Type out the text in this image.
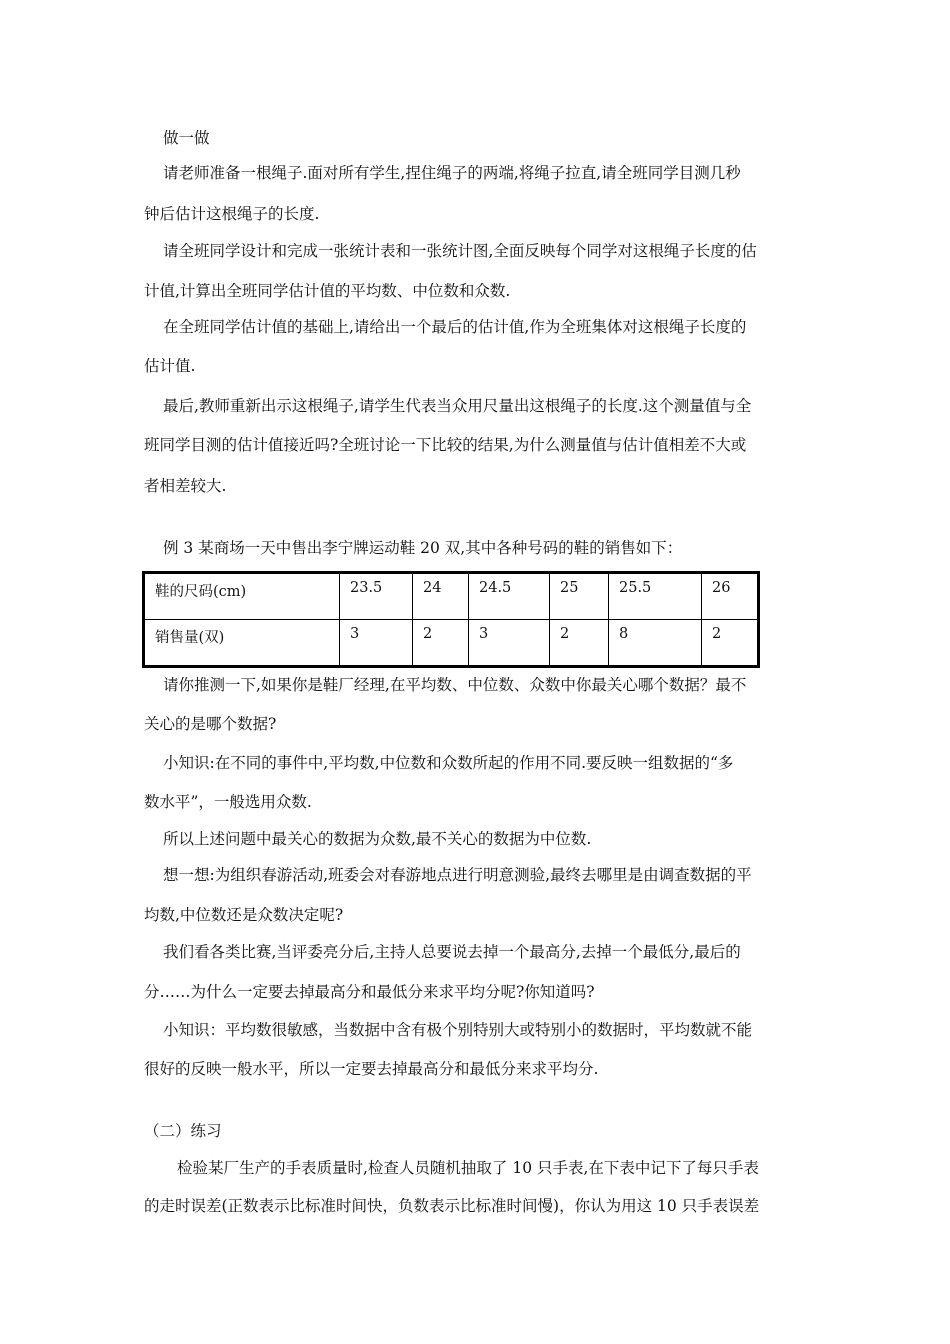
做一做
请老师准备一根绳子.面对所有学生,捏住绳子的两端,将绳子拉直,请全班同学目测几秒
钟后估计这根绳子的长度.
请全班同学设计和完成一张统计表和一张统计图,全面反映每个同学对这根绳子长度的估
计值,计算出全班同学估计值的平均数、中位数和众数.
在全班同学估计值的基础上,请给出一个最后的估计值,作为全班集体对这根绳子长度的
估计值.
最后,教师重新出示这根绳子,请学生代表当众用尺量出这根绳子的长度.这个测量值与全
班同学目测的估计值接近吗?全班讨论一下比较的结果,为什么测量值与估计值相差不大或
者相差较大.
例 3 某商场一天中售出李宁牌运动鞋 20 双,其中各种号码的鞋的销售如下：
鞋的尺码(cm)	23.5	24	24.5	25	25.5	26
销售量(双)	3	2	3	2	8	2
请你推测一下,如果你是鞋厂经理,在平均数、中位数、众数中你最关心哪个数据？最不
关心的是哪个数据?
小知识:在不同的事件中,平均数,中位数和众数所起的作用不同.要反映一组数据的“多
数水平”，一般选用众数.
所以上述问题中最关心的数据为众数,最不关心的数据为中位数.
想一想:为组织春游活动,班委会对春游地点进行明意测验,最终去哪里是由调查数据的平
均数,中位数还是众数决定呢?
我们看各类比赛,当评委亮分后,主持人总要说去掉一个最高分,去掉一个最低分,最后的
分……为什么一定要去掉最高分和最低分来求平均分呢?你知道吗?
小知识：平均数很敏感，当数据中含有极个别特别大或特别小的数据时，平均数就不能
很好的反映一般水平，所以一定要去掉最高分和最低分来求平均分.
（二）练习
检验某厂生产的手表质量时,检查人员随机抽取了 10 只手表,在下表中记下了每只手表
的走时误差(正数表示比标准时间快，负数表示比标准时间慢)，你认为用这 10 只手表误差
